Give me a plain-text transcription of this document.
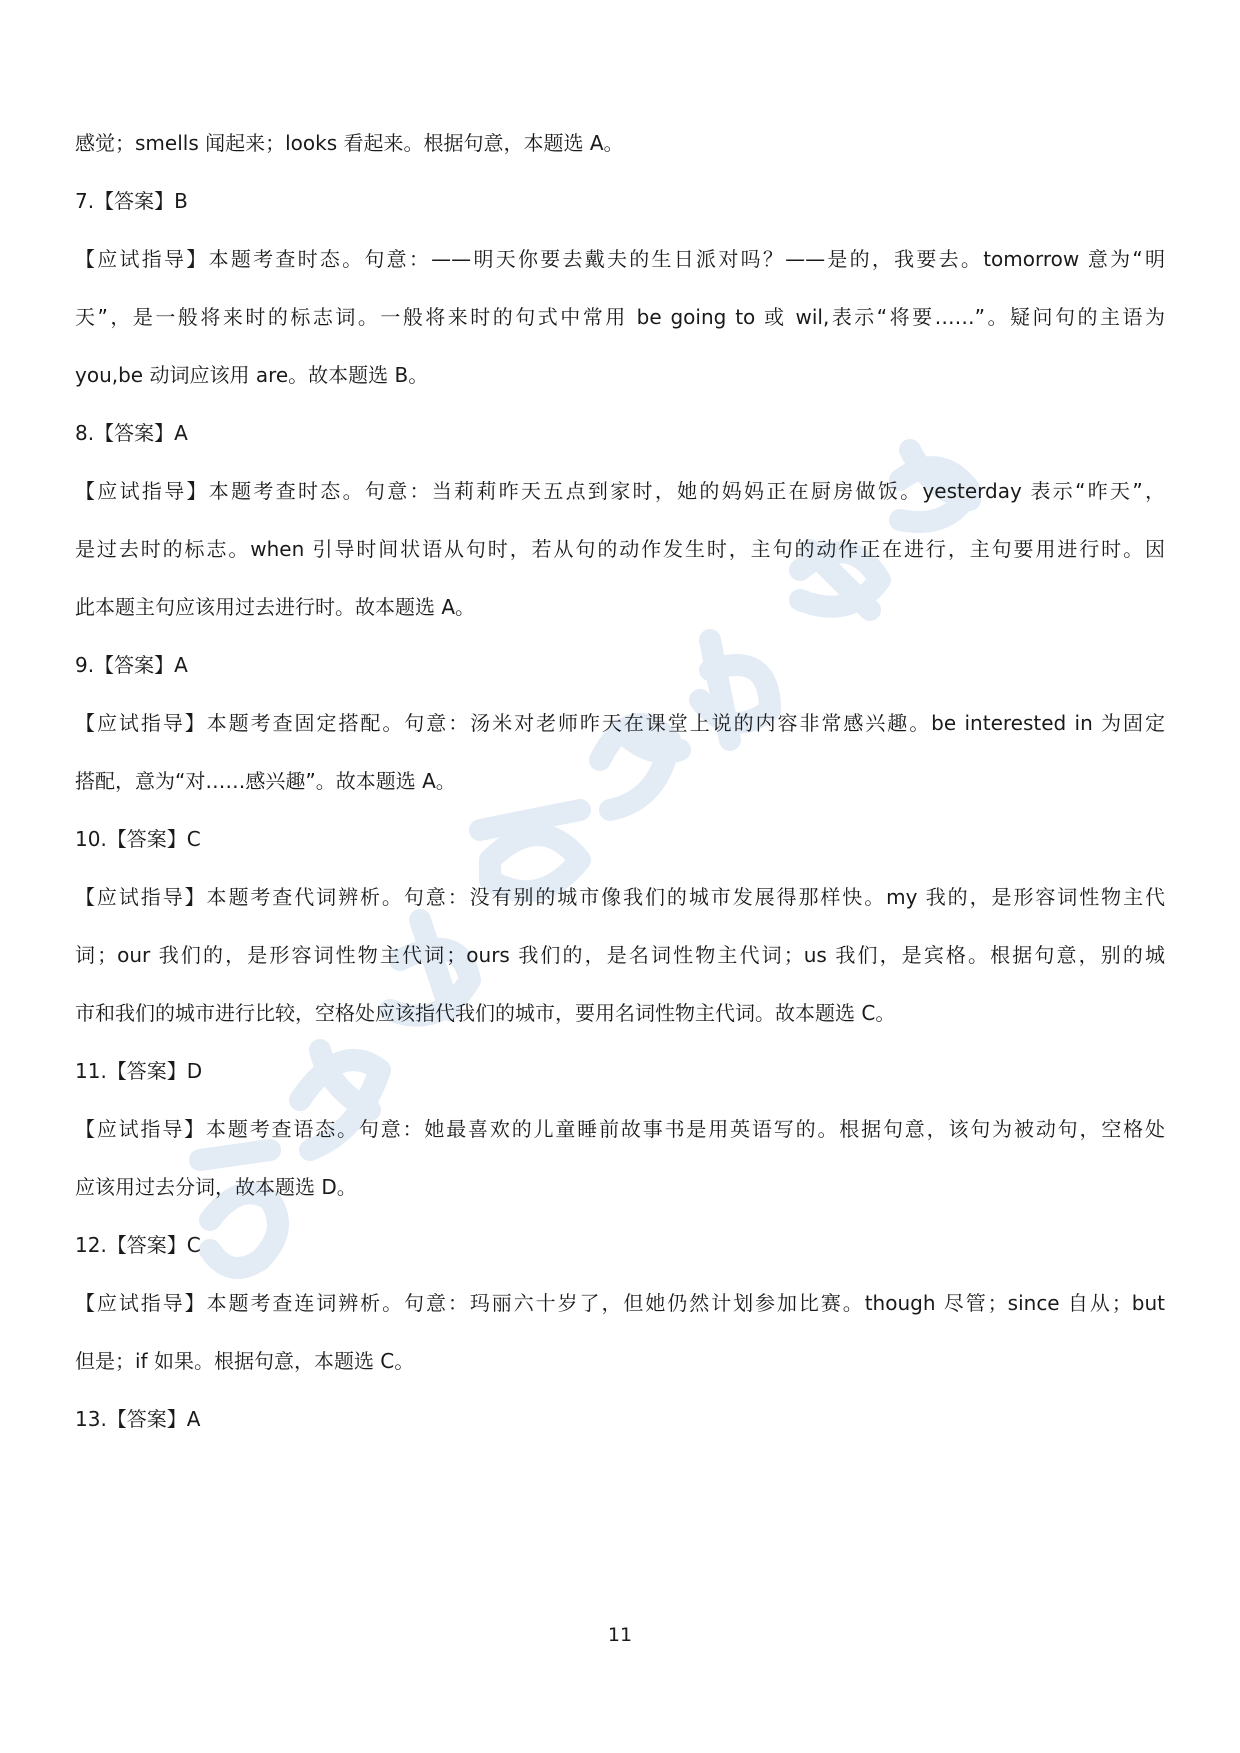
感觉；smells 闻起来；looks 看起来。根据句意，本题选 A。
7.【答案】B
【应试指导】本题考查时态。句意：——明天你要去戴夫的生日派对吗？——是的，我要去。tomorrow 意为“明
天”，是一般将来时的标志词。一般将来时的句式中常用 be going to 或 wil,表示“将要……”。疑问句的主语为
you,be 动词应该用 are。故本题选 B。
8.【答案】A
【应试指导】本题考查时态。句意：当莉莉昨天五点到家时，她的妈妈正在厨房做饭。yesterday 表示“昨天”，
是过去时的标志。when 引导时间状语从句时，若从句的动作发生时，主句的动作正在进行，主句要用进行时。因
此本题主句应该用过去进行时。故本题选 A。
9.【答案】A
【应试指导】本题考查固定搭配。句意：汤米对老师昨天在课堂上说的内容非常感兴趣。be interested in 为固定
搭配，意为“对……感兴趣”。故本题选 A。
10.【答案】C
【应试指导】本题考查代词辨析。句意：没有别的城市像我们的城市发展得那样快。my 我的，是形容词性物主代
词；our 我们的，是形容词性物主代词；ours 我们的，是名词性物主代词；us 我们，是宾格。根据句意，别的城
市和我们的城市进行比较，空格处应该指代我们的城市，要用名词性物主代词。故本题选 C。
11.【答案】D
【应试指导】本题考查语态。句意：她最喜欢的儿童睡前故事书是用英语写的。根据句意，该句为被动句，空格处
应该用过去分词，故本题选 D。
12.【答案】C
【应试指导】本题考查连词辨析。句意：玛丽六十岁了，但她仍然计划参加比赛。though 尽管；since 自从；but
但是；if 如果。根据句意，本题选 C。
13.【答案】A
11
